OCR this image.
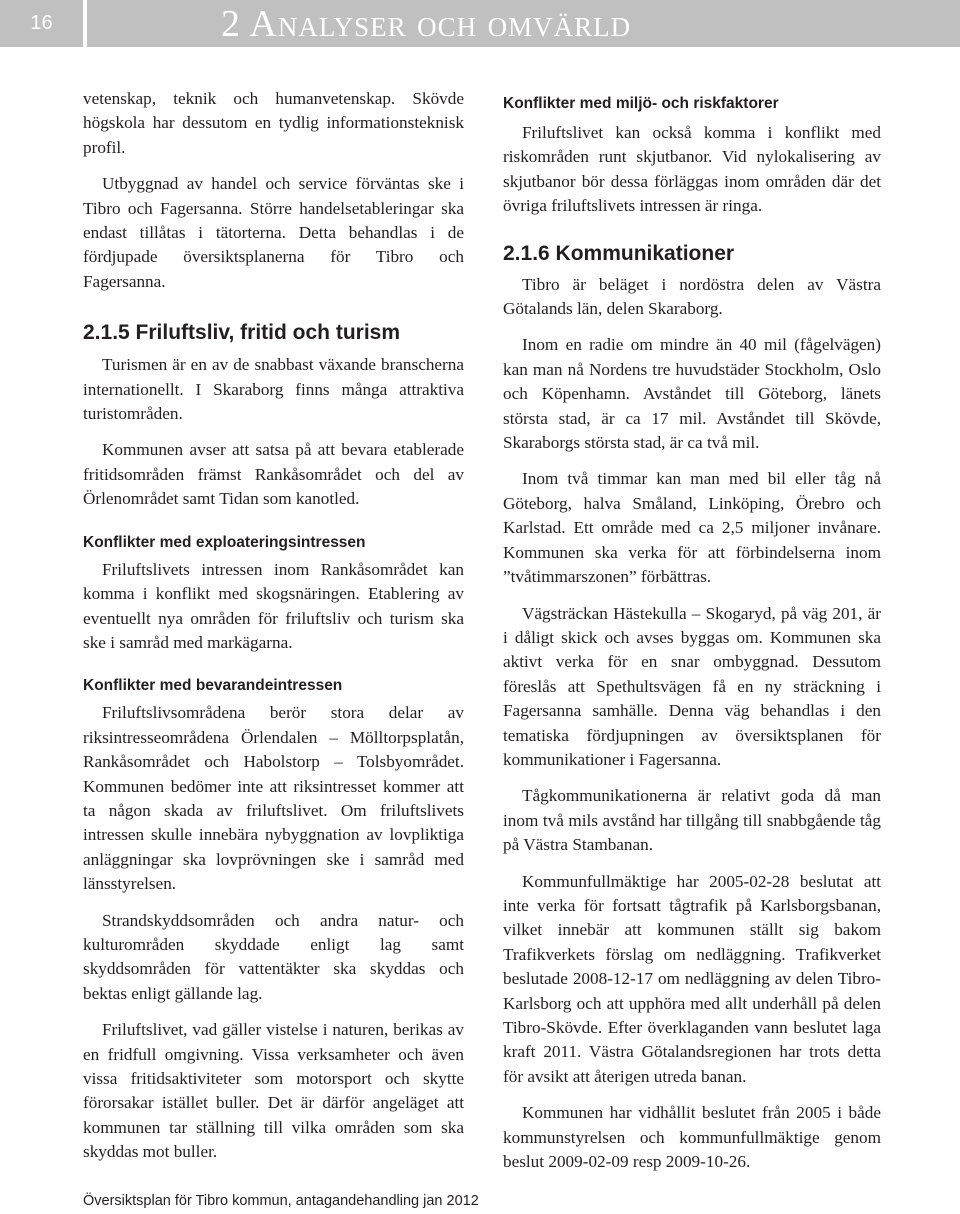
16	2 Analyser och omvärld

vetenskap, teknik och humanvetenskap. Skövde högskola har dessutom en tydlig informationsteknisk profil.

Utbyggnad av handel och service förväntas ske i Tibro och Fagersanna. Större handelsetableringar ska endast tillåtas i tätorterna. Detta behandlas i de fördjupade översiktsplanerna för Tibro och Fagersanna.

2.1.5 Friluftsliv, fritid och turism

Turismen är en av de snabbast växande branscherna internationellt. I Skaraborg finns många attraktiva turistområden.

Kommunen avser att satsa på att bevara etablerade fritidsområden främst Rankåsområdet och del av Örlenområdet samt Tidan som kanotled.

Konflikter med exploateringsintressen

Friluftslivets intressen inom Rankåsområdet kan komma i konflikt med skogsnäringen. Etablering av eventuellt nya områden för friluftsliv och turism ska ske i samråd med markägarna.

Konflikter med bevarandeintressen

Friluftslivsområdena berör stora delar av riksintresseområdena Örlendalen – Mölltorpsplatån, Rankåsområdet och Habolstorp – Tolsbyområdet. Kommunen bedömer inte att riksintresset kommer att ta någon skada av friluftslivet. Om friluftslivets intressen skulle innebära nybyggnation av lovpliktiga anläggningar ska lovprövningen ske i samråd med länsstyrelsen.

Strandskyddsområden och andra natur- och kulturområden skyddade enligt lag samt skyddsområden för vattentäkter ska skyddas och bektas enligt gällande lag.

Friluftslivet, vad gäller vistelse i naturen, berikas av en fridfull omgivning. Vissa verksamheter och även vissa fritidsaktiviteter som motorsport och skytte förorsakar istället buller. Det är därför angeläget att kommunen tar ställning till vilka områden som ska skyddas mot buller.

Konflikter med miljö- och riskfaktorer

Friluftslivet kan också komma i konflikt med riskområden runt skjutbanor. Vid nylokalisering av skjutbanor bör dessa förläggas inom områden där det övriga friluftslivets intressen är ringa.

2.1.6 Kommunikationer

Tibro är beläget i nordöstra delen av Västra Götalands län, delen Skaraborg.

Inom en radie om mindre än 40 mil (fågelvägen) kan man nå Nordens tre huvudstäder Stockholm, Oslo och Köpenhamn. Avståndet till Göteborg, länets största stad, är ca 17 mil. Avståndet till Skövde, Skaraborgs största stad, är ca två mil.

Inom två timmar kan man med bil eller tåg nå Göteborg, halva Småland, Linköping, Örebro och Karlstad. Ett område med ca 2,5 miljoner invånare. Kommunen ska verka för att förbindelserna inom ”tvåtimmarszonen” förbättras.

Vägsträckan Hästekulla – Skogaryd, på väg 201, är i dåligt skick och avses byggas om. Kommunen ska aktivt verka för en snar ombyggnad. Dessutom föreslås att Spethultsvägen få en ny sträckning i Fagersanna samhälle. Denna väg behandlas i den tematiska fördjupningen av översiktsplanen för kommunikationer i Fagersanna.

Tågkommunikationerna är relativt goda då man inom två mils avstånd har tillgång till snabbgående tåg på Västra Stambanan.

Kommunfullmäktige har 2005-02-28 beslutat att inte verka för fortsatt tågtrafik på Karlsborgsbanan, vilket innebär att kommunen ställt sig bakom Trafikverkets förslag om nedläggning. Trafikverket beslutade 2008-12-17 om nedläggning av delen Tibro-Karlsborg och att upphöra med allt underhåll på delen Tibro-Skövde. Efter överklaganden vann beslutet laga kraft 2011. Västra Götalandsregionen har trots detta för avsikt att återigen utreda banan.

Kommunen har vidhållit beslutet från 2005 i både kommunstyrelsen och kommunfullmäktige genom beslut 2009-02-09 resp 2009-10-26.

Översiktsplan för Tibro kommun, antagandehandling jan 2012
